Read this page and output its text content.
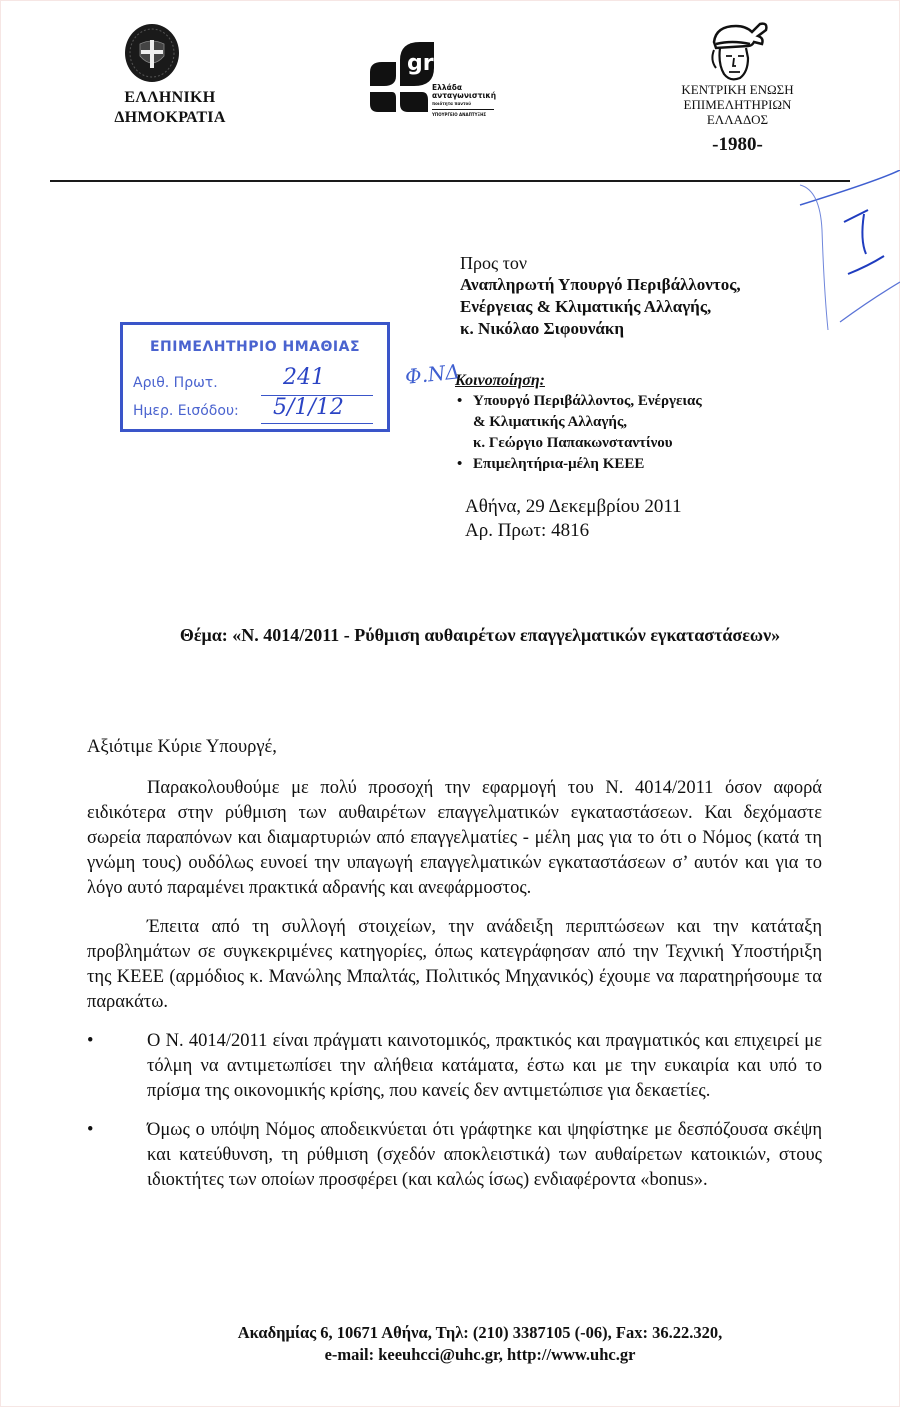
ΕΛΛΗΝΙΚΗ
ΔΗΜΟΚΡΑΤΙΑ
gr
Ελλάδα
ανταγωνιστική
ποιότητα παντού
ΥΠΟΥΡΓΕΙΟ ΑΝΑΠΤΥΞΗΣ
ΚΕΝΤΡΙΚΗ ΕΝΩΣΗ
ΕΠΙΜΕΛΗΤΗΡΙΩΝ
ΕΛΛΑΔΟΣ
-1980-
Προς τον
Αναπληρωτή Υπουργό Περιβάλλοντος,
Ενέργειας & Κλιματικής Αλλαγής,
κ. Νικόλαο Σιφουνάκη
ΕΠΙΜΕΛΗΤΗΡΙΟ ΗΜΑΘΙΑΣ
Αριθ. Πρωτ.	241
Ημερ. Εισόδου: 5/1/12
Φ.ΝΔ
Κοινοποίηση:
• Υπουργό Περιβάλλοντος, Ενέργειας
& Κλιματικής Αλλαγής,
κ. Γεώργιο Παπακωνσταντίνου
• Επιμελητήρια-μέλη ΚΕΕΕ
Αθήνα, 29 Δεκεμβρίου 2011
Αρ. Πρωτ: 4816
Θέμα: «Ν. 4014/2011 - Ρύθμιση αυθαιρέτων επαγγελματικών εγκαταστάσεων»

Αξιότιμε Κύριε Υπουργέ,

Παρακολουθούμε με πολύ προσοχή την εφαρμογή του Ν. 4014/2011 όσον αφορά ειδικότερα στην ρύθμιση των αυθαιρέτων επαγγελματικών εγκαταστάσεων. Και δεχόμαστε σωρεία παραπόνων και διαμαρτυριών από επαγγελματίες - μέλη μας για το ότι ο Νόμος (κατά τη γνώμη τους) ουδόλως ευνοεί την υπαγωγή επαγγελματικών εγκαταστάσεων σ’ αυτόν και για το λόγο αυτό παραμένει πρακτικά αδρανής και ανεφάρμοστος.

Έπειτα από τη συλλογή στοιχείων, την ανάδειξη περιπτώσεων και την κατάταξη προβλημάτων σε συγκεκριμένες κατηγορίες, όπως κατεγράφησαν από την Τεχνική Υποστήριξη της ΚΕΕΕ (αρμόδιος κ. Μανώλης Μπαλτάς, Πολιτικός Μηχανικός) έχουμε να παρατηρήσουμε τα παρακάτω.

•	Ο Ν. 4014/2011 είναι πράγματι καινοτομικός, πρακτικός και πραγματικός και επιχειρεί με τόλμη να αντιμετωπίσει την αλήθεια κατάματα, έστω και με την ευκαιρία και υπό το πρίσμα της οικονομικής κρίσης, που κανείς δεν αντιμετώπισε για δεκαετίες.
•	Όμως ο υπόψη Νόμος αποδεικνύεται ότι γράφτηκε και ψηφίστηκε με δεσπόζουσα σκέψη και κατεύθυνση, τη ρύθμιση (σχεδόν αποκλειστικά) των αυθαίρετων κατοικιών, στους ιδιοκτήτες των οποίων προσφέρει (και καλώς ίσως) ενδιαφέροντα «bonus».
Ακαδημίας 6, 10671 Αθήνα, Τηλ: (210) 3387105 (-06), Fax: 36.22.320,
e-mail: keeuhcci@uhc.gr, http://www.uhc.gr
